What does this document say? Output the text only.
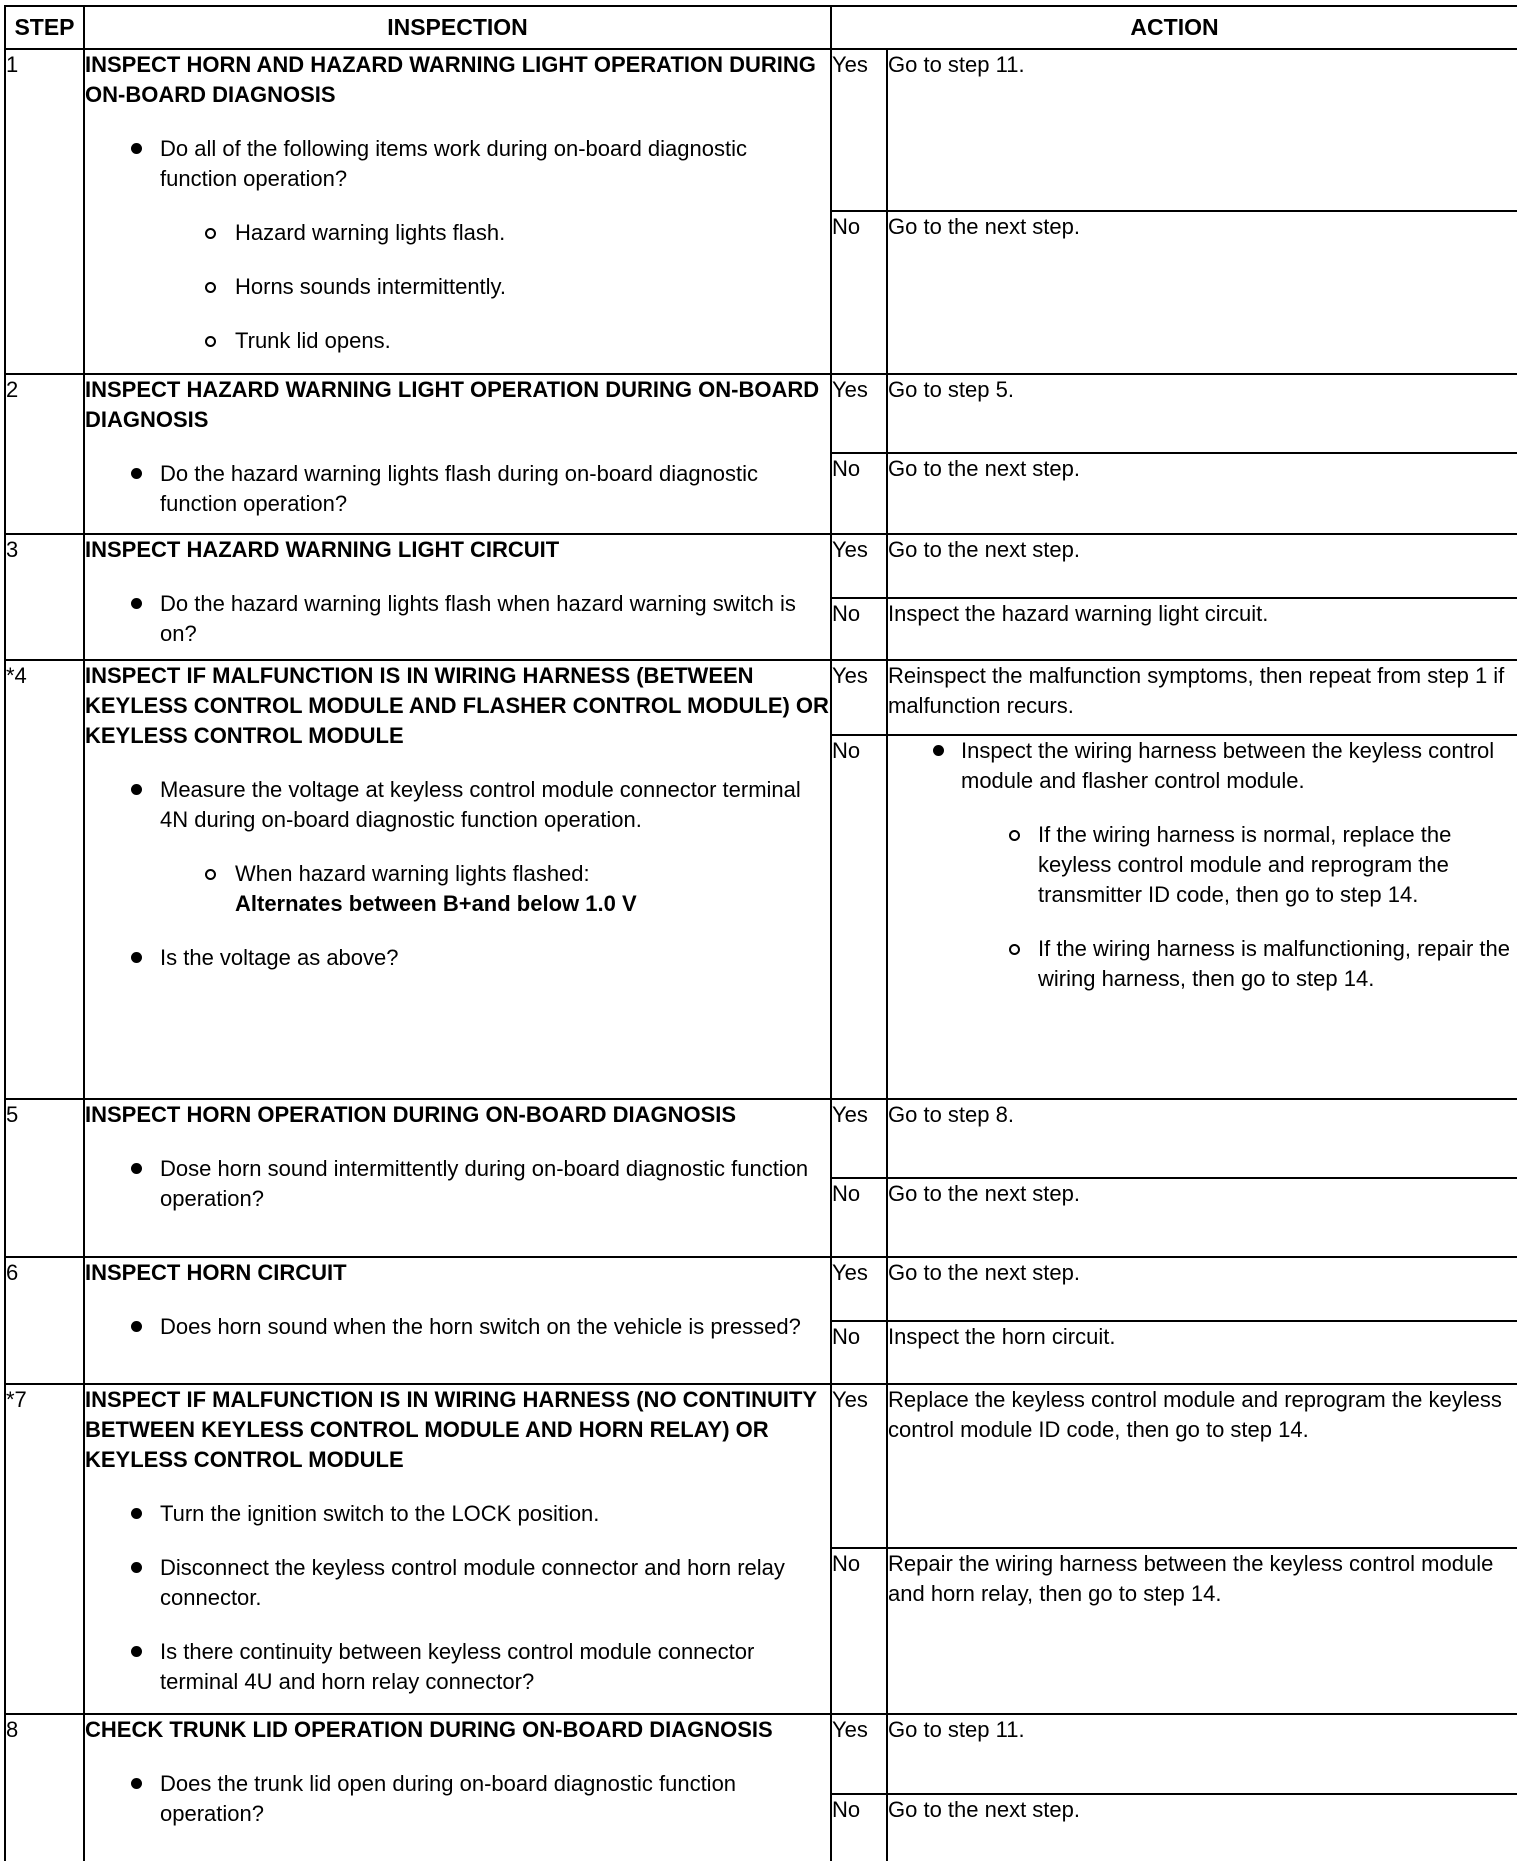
STEP	INSPECTION	ACTION	
1	INSPECT HORN AND HAZARD WARNING LIGHT OPERATION DURING ON-BOARD DIAGNOSIS
Do all of the following items work during on-board diagnostic function operation?
Hazard warning lights flash.
Horns sounds intermittently.
Trunk lid opens.	Yes	Go to step 11.
		No	Go to the next step.
2	INSPECT HAZARD WARNING LIGHT OPERATION DURING ON-BOARD DIAGNOSIS
Do the hazard warning lights flash during on-board diagnostic function operation?	Yes	Go to step 5.
		No	Go to the next step.
3	INSPECT HAZARD WARNING LIGHT CIRCUIT
Do the hazard warning lights flash when hazard warning switch is on?	Yes	Go to the next step.
		No	Inspect the hazard warning light circuit.
*4	INSPECT IF MALFUNCTION IS IN WIRING HARNESS (BETWEEN KEYLESS CONTROL MODULE AND FLASHER CONTROL MODULE) OR KEYLESS CONTROL MODULE
Measure the voltage at keyless control module connector terminal 4N during on-board diagnostic function operation.
When hazard warning lights flashed:
Alternates between B+and below 1.0 V
Is the voltage as above?	Yes	Reinspect the malfunction symptoms, then repeat from step 1 if malfunction recurs.
		No	Inspect the wiring harness between the keyless control module and flasher control module.
If the wiring harness is normal, replace the keyless control module and reprogram the transmitter ID code, then go to step 14.
If the wiring harness is malfunctioning, repair the wiring harness, then go to step 14.

5	INSPECT HORN OPERATION DURING ON-BOARD DIAGNOSIS
Dose horn sound intermittently during on-board diagnostic function operation?	Yes	Go to step 8.
		No	Go to the next step.
6	INSPECT HORN CIRCUIT
Does horn sound when the horn switch on the vehicle is pressed?	Yes	Go to the next step.
		No	Inspect the horn circuit.
*7	INSPECT IF MALFUNCTION IS IN WIRING HARNESS (NO CONTINUITY BETWEEN KEYLESS CONTROL MODULE AND HORN RELAY) OR KEYLESS CONTROL MODULE
Turn the ignition switch to the LOCK position.
Disconnect the keyless control module connector and horn relay connector.
Is there continuity between keyless control module connector terminal 4U and horn relay connector?	Yes	Replace the keyless control module and reprogram the keyless control module ID code, then go to step 14.
		No	Repair the wiring harness between the keyless control module and horn relay, then go to step 14.
8	CHECK TRUNK LID OPERATION DURING ON-BOARD DIAGNOSIS
Does the trunk lid open during on-board diagnostic function operation?	Yes	Go to step 11.
		No	Go to the next step.
